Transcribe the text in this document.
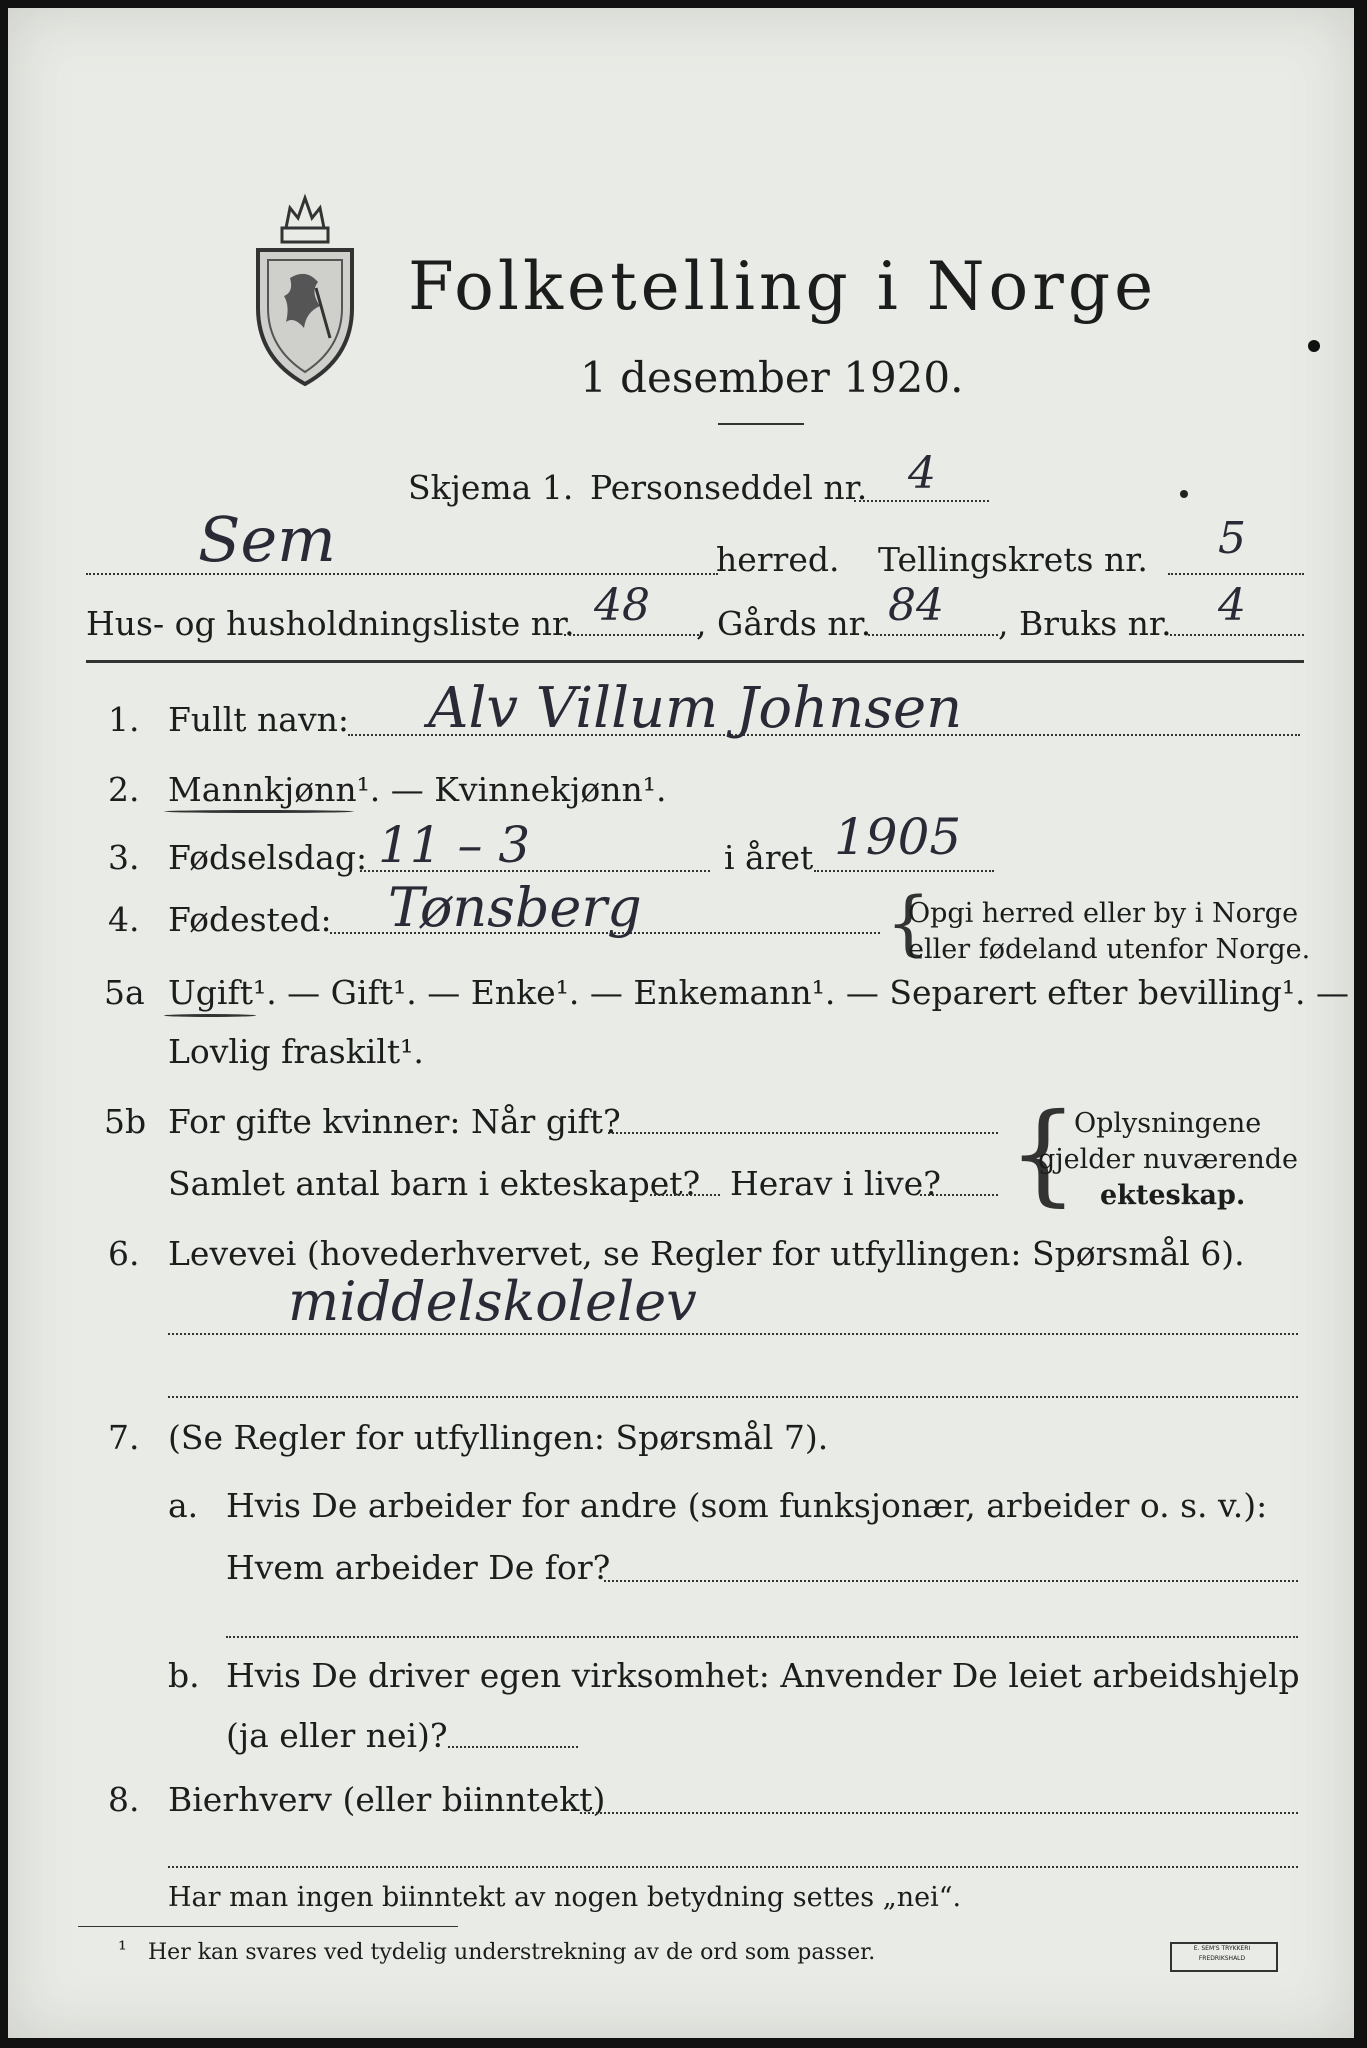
Folketelling i Norge
1 desember 1920.
Skjema 1. Personseddel nr. 4
Sem	herred. Tellingskrets nr. 5
Hus- og husholdningsliste nr. 48 , Gårds nr. 84 , Bruks nr. 4
1. Fullt navn: Alv Villum Johnsen
2. Mannkjønn¹. — Kvinnekjønn¹.
3. Fødselsdag: 11 – 3	i året 1905
4. Fødested: Tønsberg	{
Opgi herred eller by i Norge
eller fødeland utenfor Norge.
5a Ugift¹. — Gift¹. — Enke¹. — Enkemann¹. — Separert efter bevilling¹. —
Lovlig fraskilt¹.
5b For gifte kvinner: Når gift?
Samlet antal barn i ekteskapet? Herav i live? {
Oplysningene
gjelder nuværende
ekteskap.
6. Levevei (hovederhvervet, se Regler for utfyllingen: Spørsmål 6).
middelskolelev
7. (Se Regler for utfyllingen: Spørsmål 7).
a. Hvis De arbeider for andre (som funksjonær, arbeider o. s. v.):
Hvem arbeider De for?
b. Hvis De driver egen virksomhet: Anvender De leiet arbeidshjelp
(ja eller nei)?
8. Bierhverv (eller biinntekt)
Har man ingen biinntekt av nogen betydning settes „nei“.
¹ Her kan svares ved tydelig understrekning av de ord som passer.	E. SEM'S TRYKKERI FREDRIKSHALD
